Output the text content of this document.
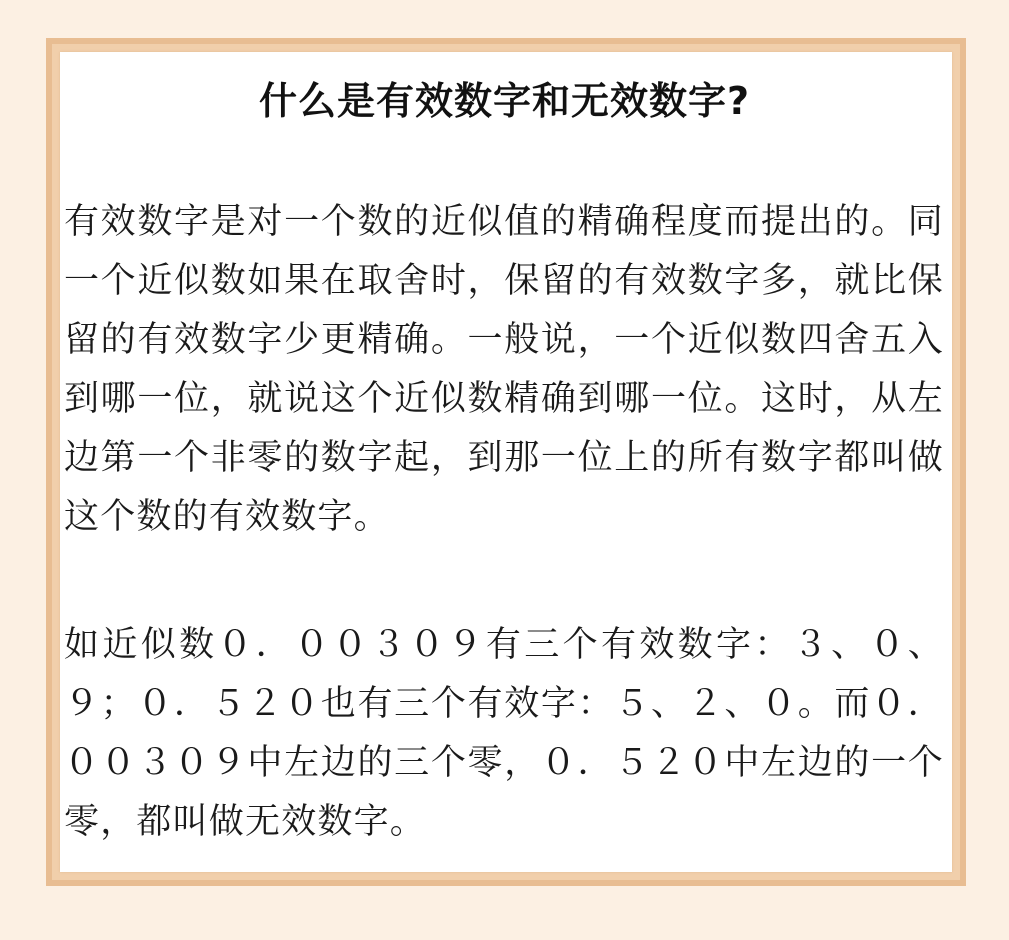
什么是有效数字和无效数字?

有效数字是对一个数的近似值的精确程度而提出的。同一个近似数如果在取舍时，保留的有效数字多，就比保留的有效数字少更精确。一般说，一个近似数四舍五入到哪一位，就说这个近似数精确到哪一位。这时，从左边第一个非零的数字起，到那一位上的所有数字都叫做这个数的有效数字。

如近似数０．００３０９有三个有效数字：３、０、９；０．５２０也有三个有效字：５、２、０。而０．００３０９中左边的三个零，０．５２０中左边的一个零，都叫做无效数字。
